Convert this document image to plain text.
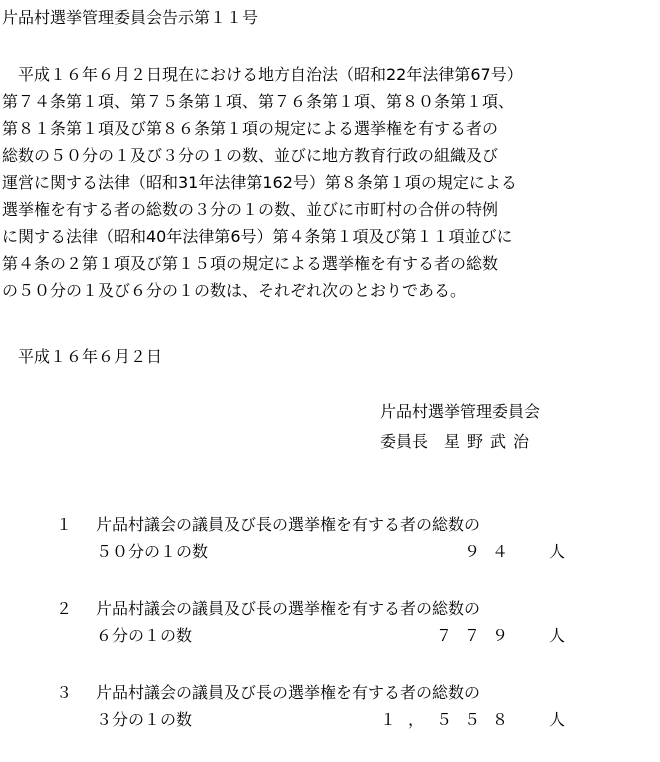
片品村選挙管理委員会告示第１１号
　平成１６年６月２日現在における地方自治法（昭和22年法律第67号）
第７４条第１項、第７５条第１項、第７６条第１項、第８０条第１項、
第８１条第１項及び第８６条第１項の規定による選挙権を有する者の
総数の５０分の１及び３分の１の数、並びに地方教育行政の組織及び
運営に関する法律（昭和31年法律第162号）第８条第１項の規定による
選挙権を有する者の総数の３分の１の数、並びに市町村の合併の特例
に関する法律（昭和40年法律第6号）第４条第１項及び第１１項並びに
第４条の２第１項及び第１５項の規定による選挙権を有する者の総数
の５０分の１及び６分の１の数は、それぞれ次のとおりである。
　平成１６年６月２日
片品村選挙管理委員会
委員長 星野武治
１ 片品村議会の議員及び長の選挙権を有する者の総数の
５０分の１の数	９４ 人
２ 片品村議会の議員及び長の選挙権を有する者の総数の
６分の１の数	７７９ 人
３ 片品村議会の議員及び長の選挙権を有する者の総数の
３分の１の数	１，５５８ 人
